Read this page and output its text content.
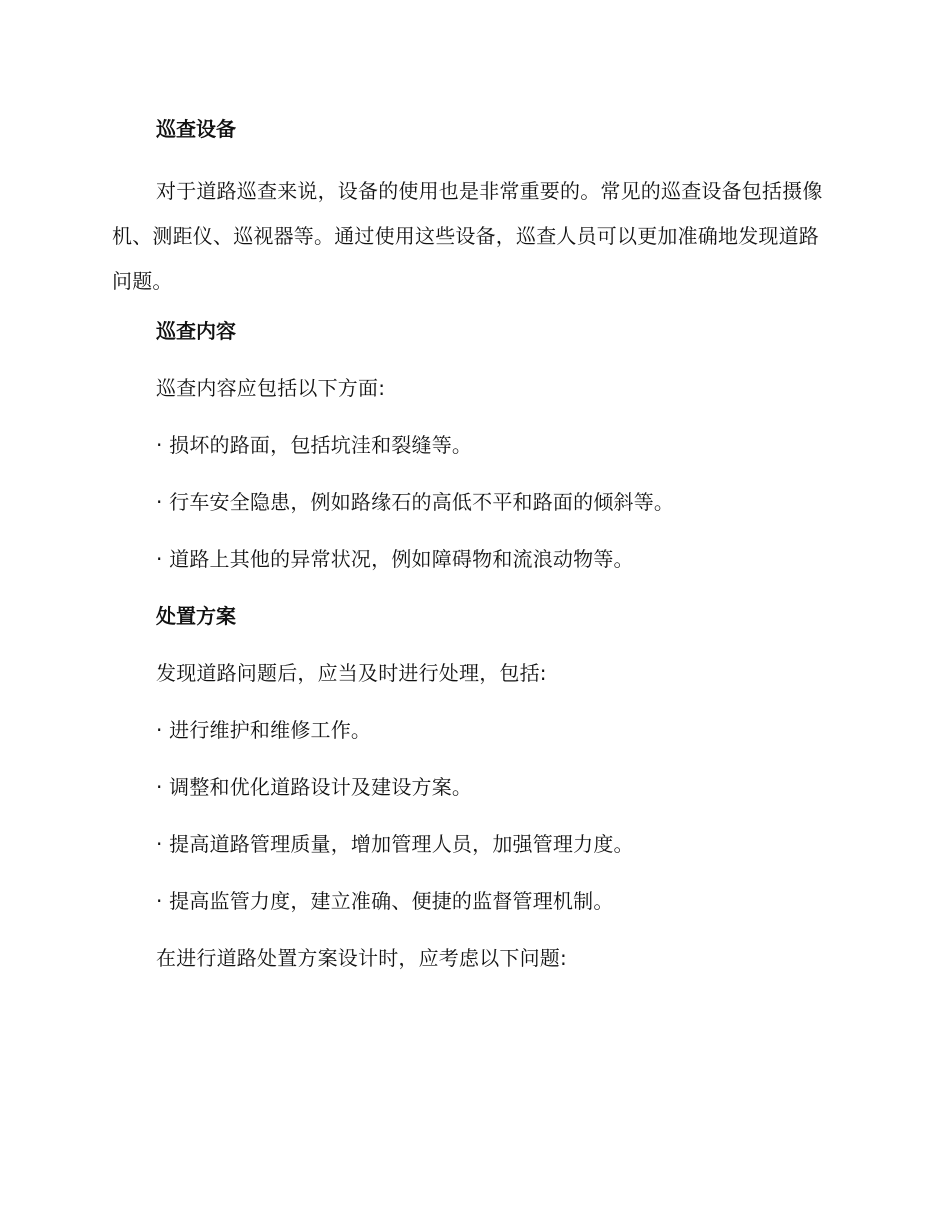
巡查设备
对于道路巡查来说，设备的使用也是非常重要的。常见的巡查设备包括摄像机、测距仪、巡视器等。通过使用这些设备，巡查人员可以更加准确地发现道路问题。
巡查内容
巡查内容应包括以下方面:
· 损坏的路面，包括坑洼和裂缝等。
· 行车安全隐患，例如路缘石的高低不平和路面的倾斜等。
· 道路上其他的异常状况，例如障碍物和流浪动物等。
处置方案
发现道路问题后，应当及时进行处理，包括:
· 进行维护和维修工作。
· 调整和优化道路设计及建设方案。
· 提高道路管理质量，增加管理人员，加强管理力度。
· 提高监管力度，建立准确、便捷的监督管理机制。
在进行道路处置方案设计时，应考虑以下问题:
